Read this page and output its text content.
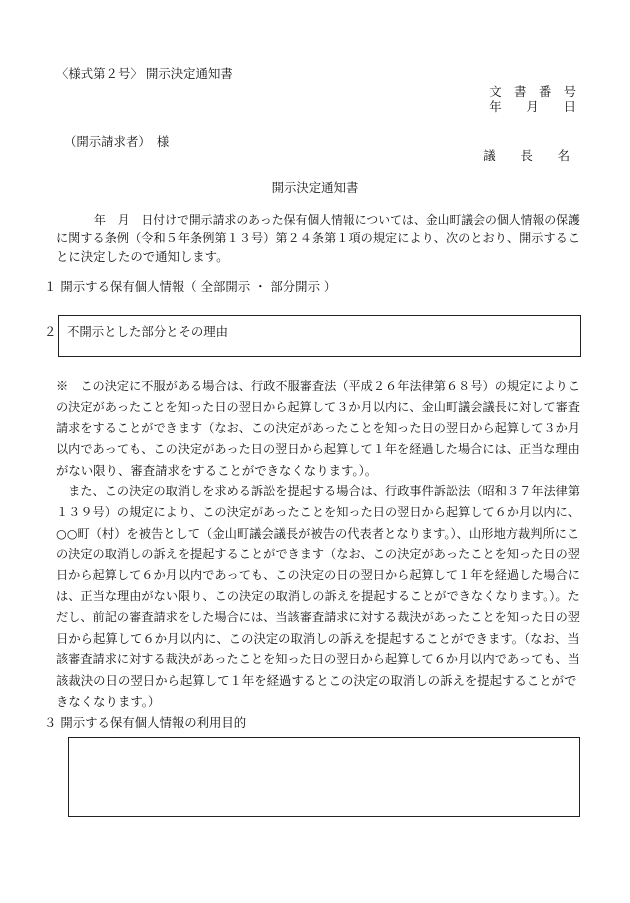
〈様式第２号〉 開示決定通知書
文　書　番　号
年　　月　　日
（開示請求者）　様
議　　長　　名
開示決定通知書
年　月　日付けで開示請求のあった保有個人情報については、金山町議会の個人情報の保護
に関する条例（令和５年条例第１３号）第２４条第１項の規定により、次のとおり、開示するこ
とに決定したので通知します。
１ 開示する保有個人情報（ 全部開示 ・ 部分開示 ）
２ 不開示とした部分とその理由
※　この決定に不服がある場合は、行政不服審査法（平成２６年法律第６８号）の規定によりこ
の決定があったことを知った日の翌日から起算して３か月以内に、金山町議会議長に対して審査
請求をすることができます（なお、この決定があったことを知った日の翌日から起算して３か月
以内であっても、この決定があった日の翌日から起算して１年を経過した場合には、正当な理由
がない限り、審査請求をすることができなくなります。）。
　また、この決定の取消しを求める訴訟を提起する場合は、行政事件訴訟法（昭和３７年法律第
１３９号）の規定により、この決定があったことを知った日の翌日から起算して６か月以内に、
○○町（村）を被告として（金山町議会議長が被告の代表者となります。）、山形地方裁判所にこ
の決定の取消しの訴えを提起することができます（なお、この決定があったことを知った日の翌
日から起算して６か月以内であっても、この決定の日の翌日から起算して１年を経過した場合に
は、正当な理由がない限り、この決定の取消しの訴えを提起することができなくなります。）。た
だし、前記の審査請求をした場合には、当該審査請求に対する裁決があったことを知った日の翌
日から起算して６か月以内に、この決定の取消しの訴えを提起することができます。（なお、当
該審査請求に対する裁決があったことを知った日の翌日から起算して６か月以内であっても、当
該裁決の日の翌日から起算して１年を経過するとこの決定の取消しの訴えを提起することがで
きなくなります。）
３ 開示する保有個人情報の利用目的
